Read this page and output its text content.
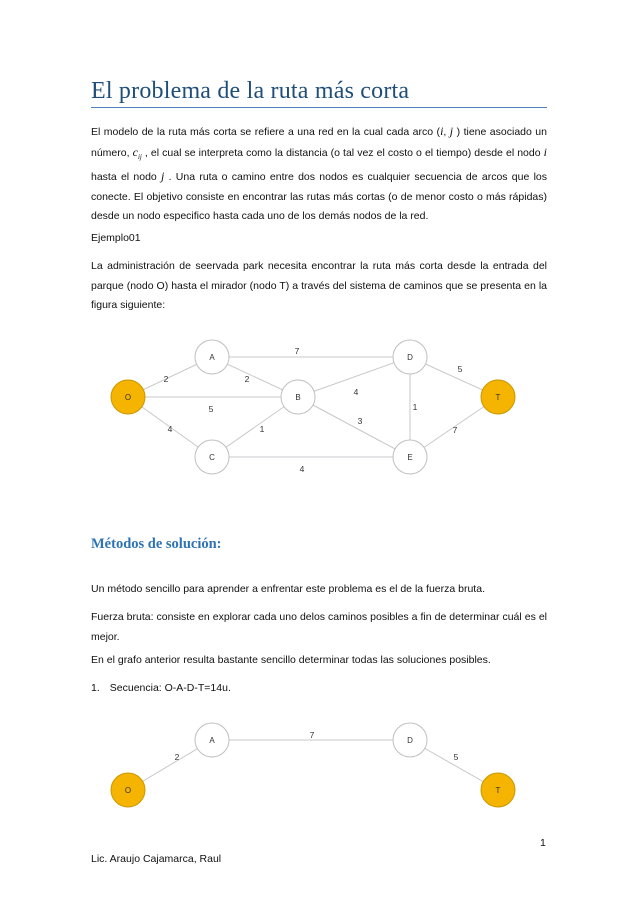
El problema de la ruta más corta
El modelo de la ruta más corta se refiere a una red en la cual cada arco (i, j ) tiene asociado un número, $c_{ij}$ , el cual se interpreta como la distancia (o tal vez el costo o el tiempo) desde el nodo i hasta el nodo j . Una ruta o camino entre dos nodos es cualquier secuencia de arcos que los conecte. El objetivo consiste en encontrar las rutas más cortas (o de menor costo o más rápidas) desde un nodo especifico hasta cada uno de los demás nodos de la red.
Ejemplo01
La administración de seervada park necesita encontrar la ruta más corta desde la entrada del parque (nodo O) hasta el mirador (nodo T) a través del sistema de caminos que se presenta en la figura siguiente:
O
A
B
C
D
E
T
2
5
4
2
7
1
4
3
4
1
5
7
Métodos de solución:
Un método sencillo para aprender a enfrentar este problema es el de la fuerza bruta.
Fuerza bruta: consiste en explorar cada uno delos caminos posibles a fin de determinar cuál es el mejor.
En el grafo anterior resulta bastante sencillo determinar todas las soluciones posibles.
1. Secuencia: O-A-D-T=14u.
O
A	D
T
2
7
5
1
Lic. Araujo Cajamarca, Raul
